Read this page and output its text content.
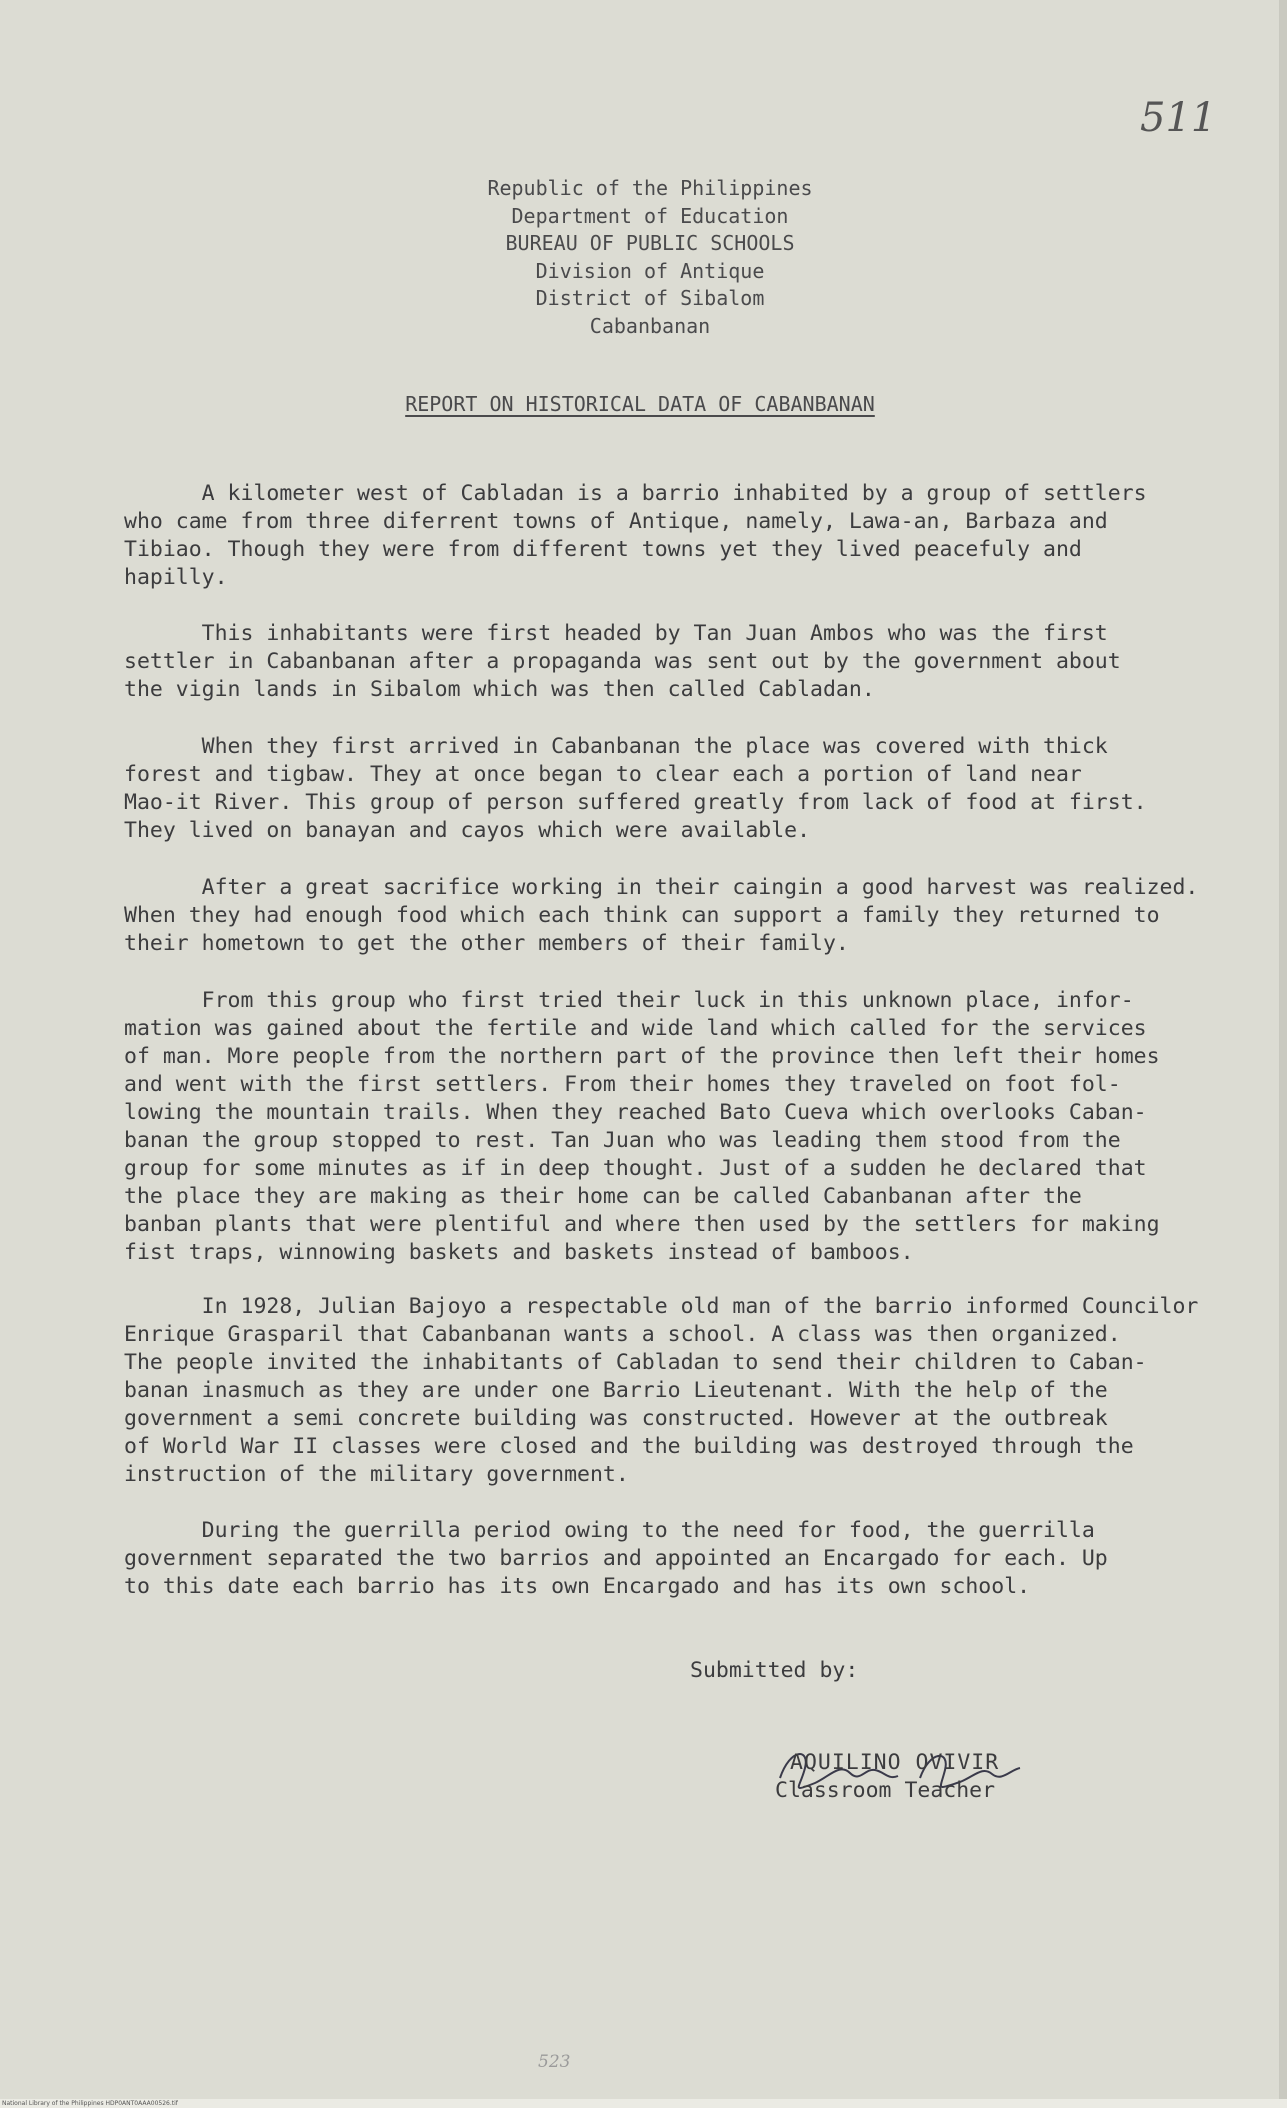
511
Republic of the Philippines
Department of Education
BUREAU OF PUBLIC SCHOOLS
Division of Antique
District of Sibalom
Cabanbanan
REPORT ON HISTORICAL DATA OF CABANBANAN
A kilometer west of Cabladan is a barrio inhabited by a group of settlers
who came from three diferrent towns of Antique, namely, Lawa-an, Barbaza and
Tibiao. Though they were from different towns yet they lived peacefuly and
hapilly.
This inhabitants were first headed by Tan Juan Ambos who was the first
settler in Cabanbanan after a propaganda was sent out by the government about
the vigin lands in Sibalom which was then called Cabladan.
When they first arrived in Cabanbanan the place was covered with thick
forest and tigbaw. They at once began to clear each a portion of land near
Mao-it River. This group of person suffered greatly from lack of food at first.
They lived on banayan and cayos which were available.
After a great sacrifice working in their caingin a good harvest was realized.
When they had enough food which each think can support a family they returned to
their hometown to get the other members of their family.
From this group who first tried their luck in this unknown place, infor-
mation was gained about the fertile and wide land which called for the services
of man. More people from the northern part of the province then left their homes
and went with the first settlers. From their homes they traveled on foot fol-
lowing the mountain trails. When they reached Bato Cueva which overlooks Caban-
banan the group stopped to rest. Tan Juan who was leading them stood from the
group for some minutes as if in deep thought. Just of a sudden he declared that
the place they are making as their home can be called Cabanbanan after the
banban plants that were plentiful and where then used by the settlers for making
fist traps, winnowing baskets and baskets instead of bamboos.
In 1928, Julian Bajoyo a respectable old man of the barrio informed Councilor
Enrique Grasparil that Cabanbanan wants a school. A class was then organized.
The people invited the inhabitants of Cabladan to send their children to Caban-
banan inasmuch as they are under one Barrio Lieutenant. With the help of the
government a semi concrete building was constructed. However at the outbreak
of World War II classes were closed and the building was destroyed through the
instruction of the military government.
During the guerrilla period owing to the need for food, the guerrilla
government separated the two barrios and appointed an Encargado for each. Up
to this date each barrio has its own Encargado and has its own school.
Submitted by:
AQUILINO OVIVIR
Classroom Teacher
523
National Library of the Philippines HDP0ANT0AAA00526.tif
